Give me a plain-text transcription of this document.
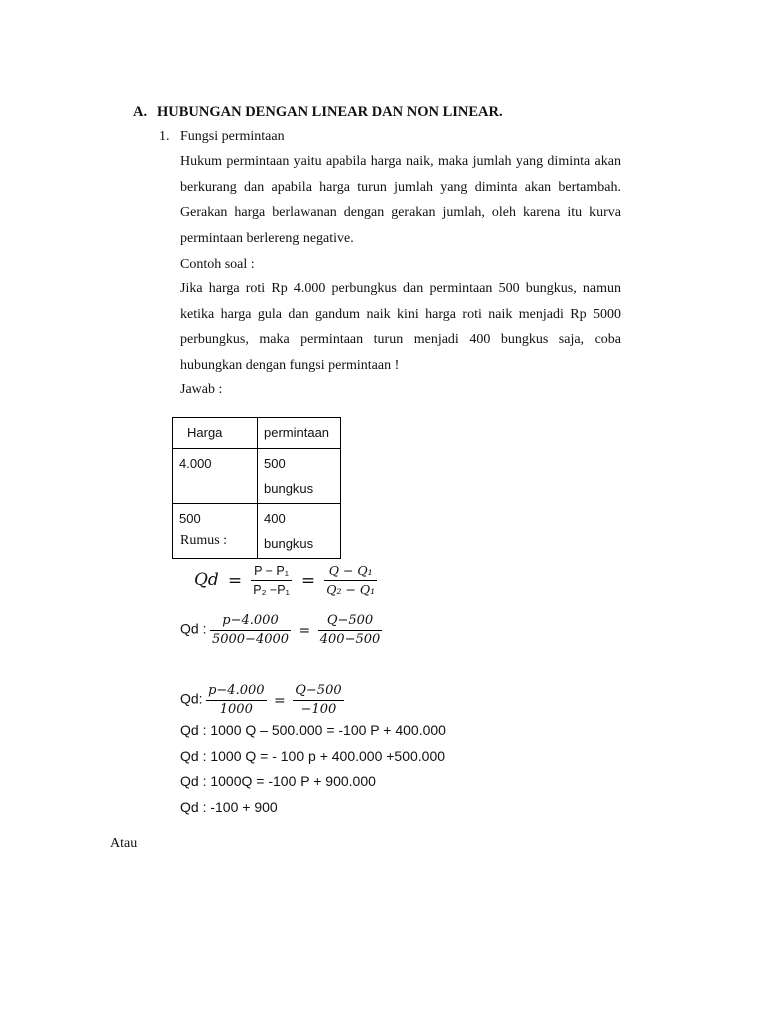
A. HUBUNGAN DENGAN LINEAR DAN NON LINEAR.
1. Fungsi permintaan
Hukum permintaan yaitu apabila harga naik, maka jumlah yang diminta akan berkurang dan apabila harga turun jumlah yang diminta akan bertambah. Gerakan harga berlawanan dengan gerakan jumlah, oleh karena itu kurva permintaan berlereng negative.
Contoh soal :
Jika harga roti Rp 4.000 perbungkus dan permintaan 500 bungkus, namun ketika harga gula dan gandum naik kini harga roti naik menjadi Rp 5000 perbungkus, maka permintaan turun menjadi 400 bungkus saja, coba hubungkan dengan fungsi permintaan !
Jawab :
Harga	permintaan
4.000	500 bungkus
500	400 bungkus
Rumus :
$Qd = \frac{\text{P − P₁}}{\text{P₂ −P₁}} = \frac{\text{Q − Q₁}}{\text{Q₂ − Q₁}}$
Qd : $\frac{p-4.000}{5000-4000} = \frac{Q-500}{400-500}$
Qd: $\frac{p-4.000}{1000} = \frac{Q-500}{-100}$
Qd : 1000 Q – 500.000 = -100 P + 400.000
Qd : 1000 Q = - 100 p + 400.000 +500.000
Qd : 1000Q = -100 P + 900.000
Qd : -100 + 900
Atau
